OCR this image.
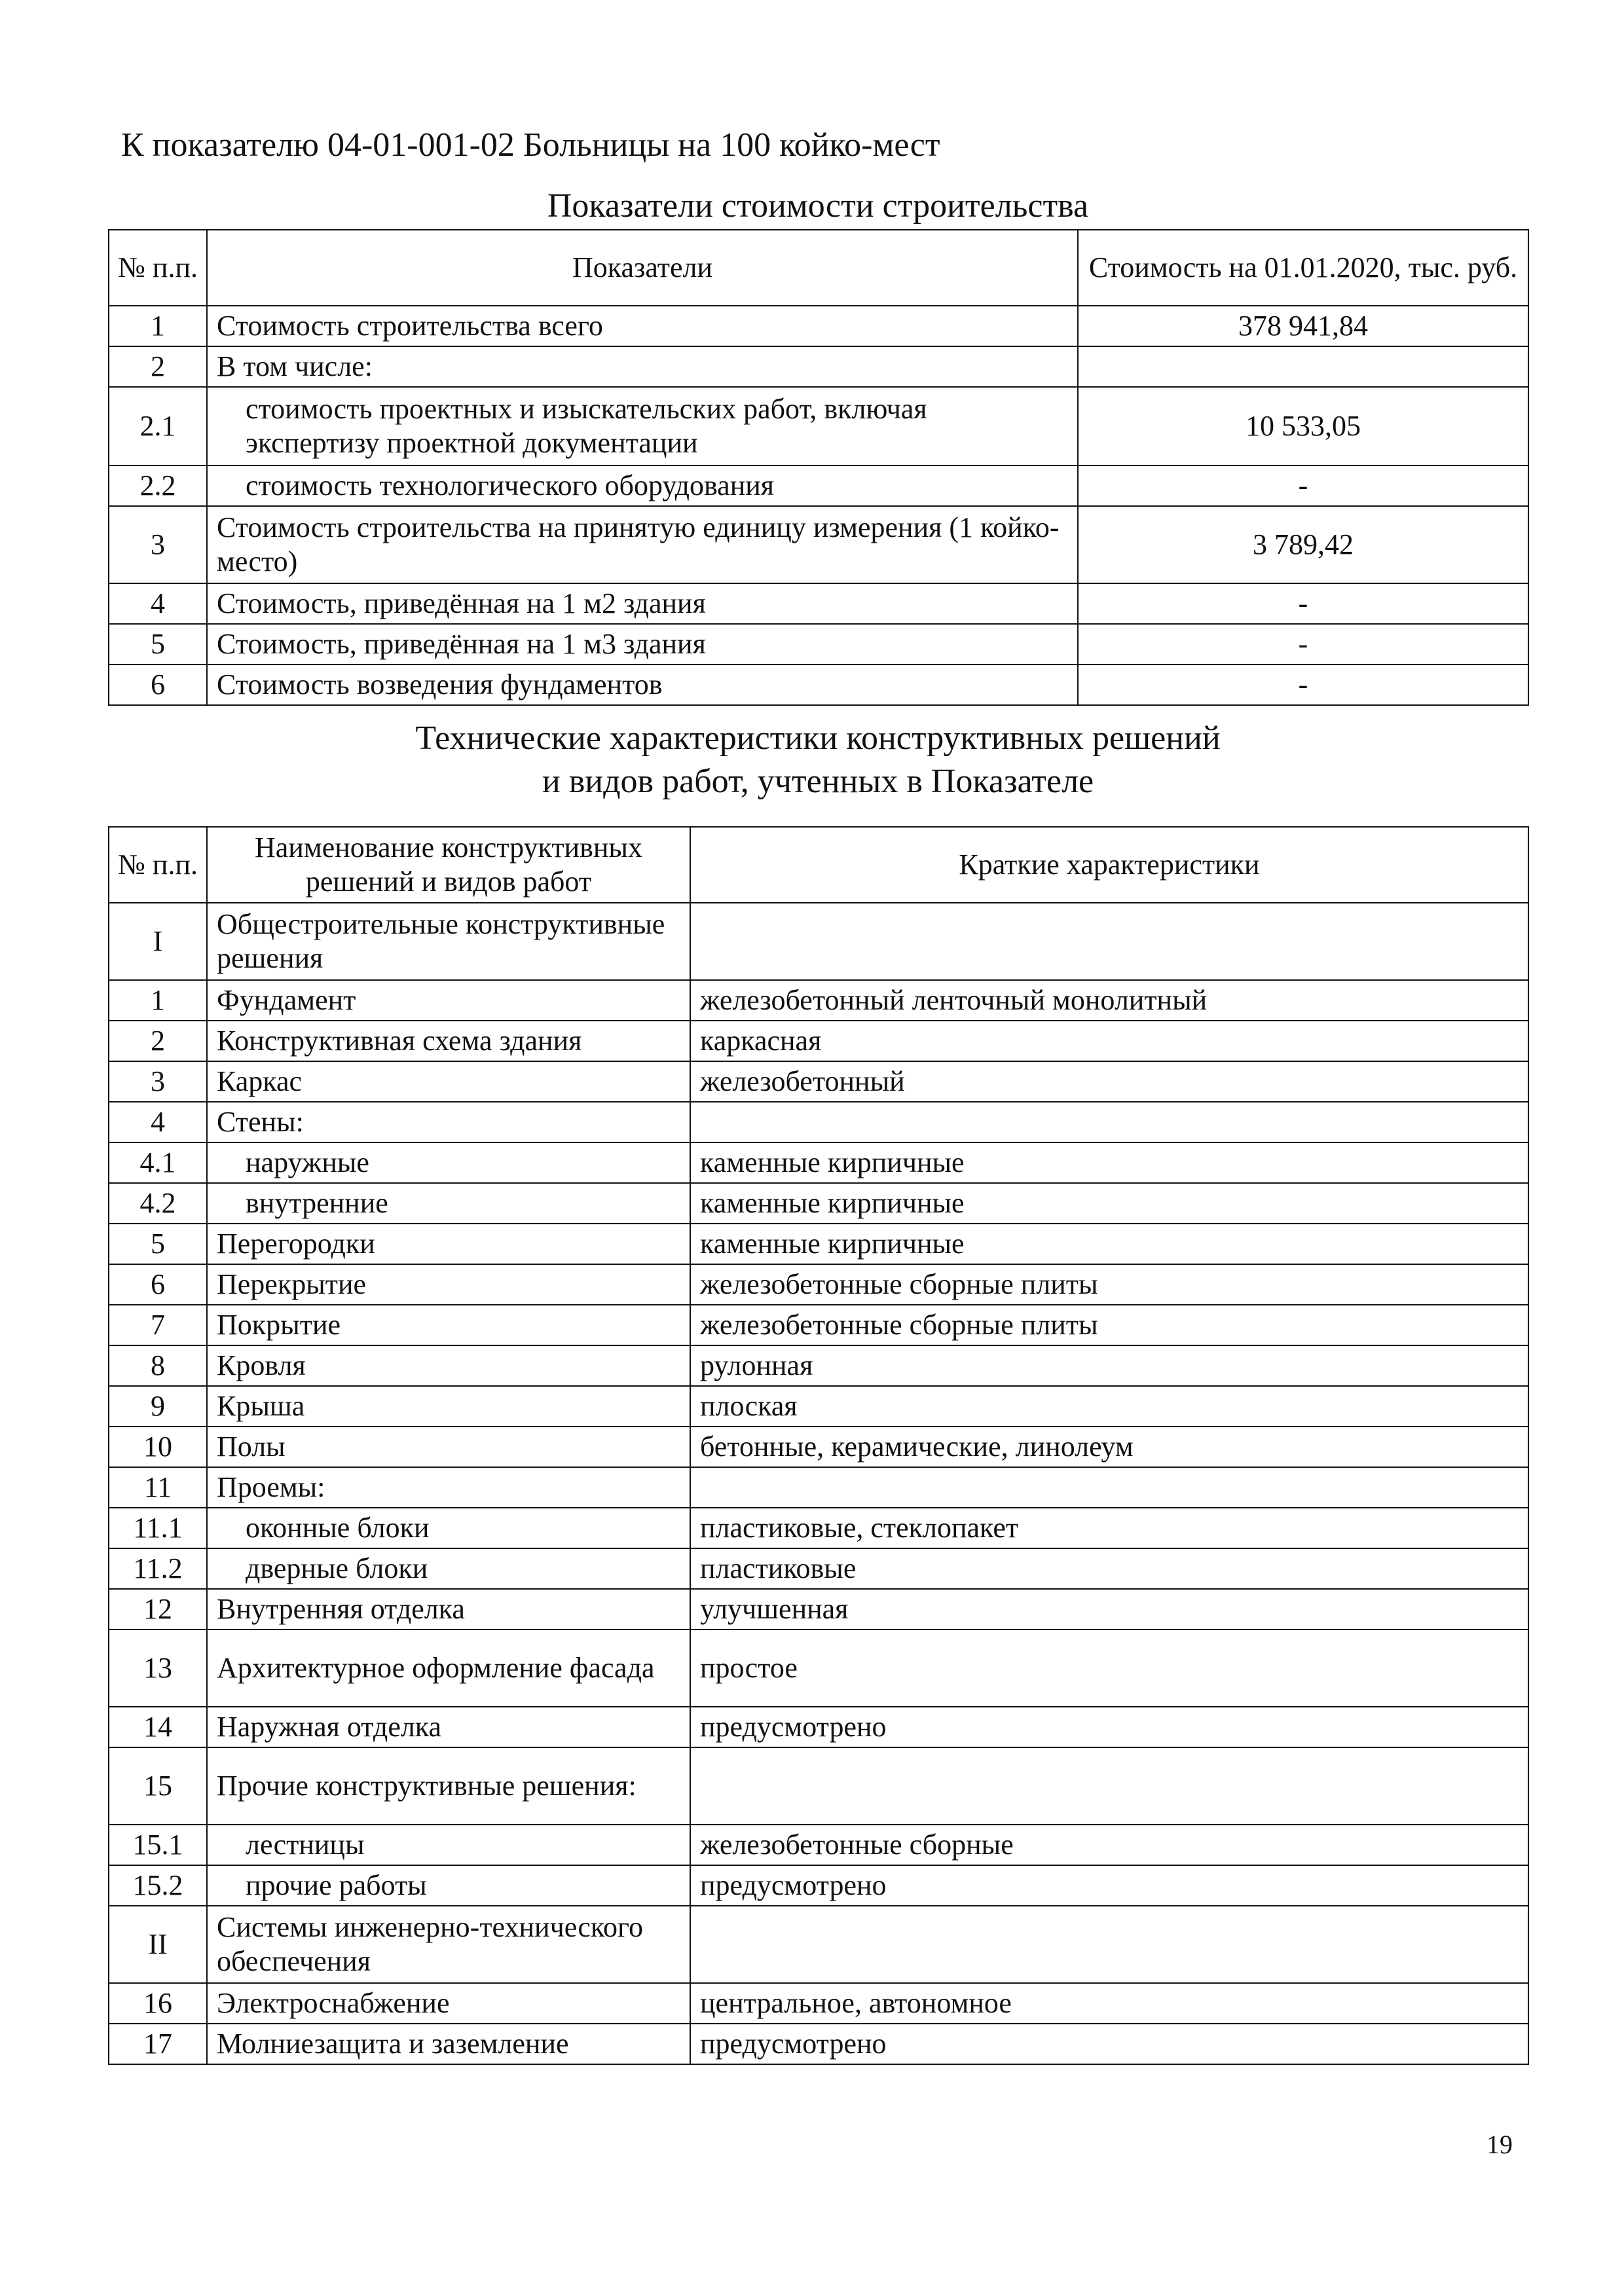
К показателю 04-01-001-02 Больницы на 100 койко-мест
Показатели стоимости строительства
№ п.п.	Показатели	Стоимость на 01.01.2020, тыс. руб.
1	Стоимость строительства всего	378 941,84
2	В том числе:	
2.1	стоимость проектных и изыскательских работ, включая экспертизу проектной документации	10 533,05
2.2	стоимость технологического оборудования	-
3	Стоимость строительства на принятую единицу измерения (1 койко-место)	3 789,42
4	Стоимость, приведённая на 1 м2 здания	-
5	Стоимость, приведённая на 1 м3 здания	-
6	Стоимость возведения фундаментов	-
Технические характеристики конструктивных решений
и видов работ, учтенных в Показателе
№ п.п.	Наименование конструктивных решений и видов работ	Краткие характеристики
I	Общестроительные конструктивные решения	
1	Фундамент	железобетонный ленточный монолитный
2	Конструктивная схема здания	каркасная
3	Каркас	железобетонный
4	Стены:	
4.1	наружные	каменные кирпичные
4.2	внутренние	каменные кирпичные
5	Перегородки	каменные кирпичные
6	Перекрытие	железобетонные сборные плиты
7	Покрытие	железобетонные сборные плиты
8	Кровля	рулонная
9	Крыша	плоская
10	Полы	бетонные, керамические, линолеум
11	Проемы:	
11.1	оконные блоки	пластиковые, стеклопакет
11.2	дверные блоки	пластиковые
12	Внутренняя отделка	улучшенная
13	Архитектурное оформление фасада	простое
14	Наружная отделка	предусмотрено
15	Прочие конструктивные решения:	
15.1	лестницы	железобетонные сборные
15.2	прочие работы	предусмотрено
II	Системы инженерно-технического обеспечения	
16	Электроснабжение	центральное, автономное
17	Молниезащита и заземление	предусмотрено
19
